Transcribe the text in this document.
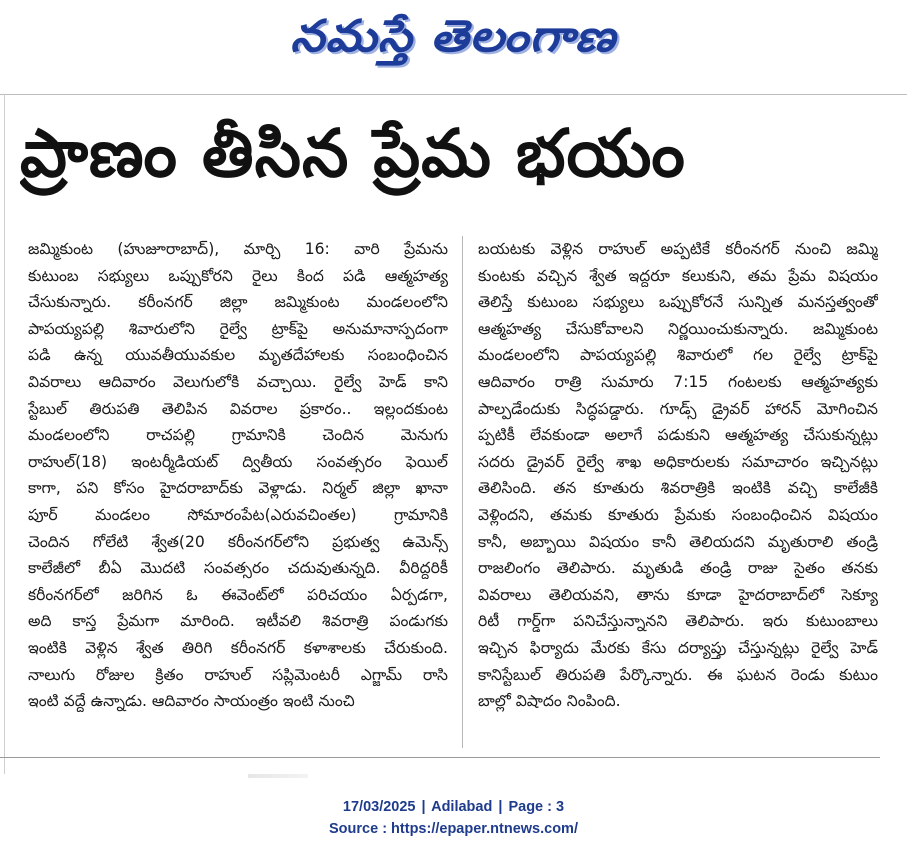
నమస్తే తెలంగాణ
ప్రాణం తీసిన ప్రేమ భయం
జమ్మికుంట (హుజూరాబాద్), మార్చి 16: వారి ప్రేమను
కుటుంబ సభ్యులు ఒప్పుకోరని రైలు కింద పడి ఆత్మహత్య
చేసుకున్నారు. కరీంనగర్ జిల్లా జమ్మికుంట మండలంలోని
పాపయ్యపల్లి శివారులోని రైల్వే ట్రాక్‌పై అనుమానాస్పదంగా
పడి ఉన్న యువతీయువకుల మృతదేహాలకు సంబంధించిన
వివరాలు ఆదివారం వెలుగులోకి వచ్చాయి. రైల్వే హెడ్ కాని
స్టేబుల్ తిరుపతి తెలిపిన వివరాల ప్రకారం.. ఇల్లందకుంట
మండలంలోని రాచపల్లి గ్రామానికి చెందిన మెనుగు
రాహుల్(18) ఇంటర్మీడియట్ ద్వితీయ సంవత్సరం ఫెయిల్
కాగా, పని కోసం హైదరాబాద్‌కు వెళ్లాడు. నిర్మల్ జిల్లా ఖానా
పూర్ మండలం సోమారంపేట(ఎరువచింతల) గ్రామానికి
చెందిన గోలేటి శ్వేత(20 కరీంనగర్‌లోని ప్రభుత్వ ఉమెన్స్
కాలేజీలో బీఏ మొదటి సంవత్సరం చదువుతున్నది. వీరిద్దరికీ
కరీంనగర్‌లో జరిగిన ఓ ఈవెంట్‌లో పరిచయం ఏర్పడగా,
అది కాస్త ప్రేమగా మారింది. ఇటీవలి శివరాత్రి పండుగకు
ఇంటికి వెళ్లిన శ్వేత తిరిగి కరీంనగర్ కళాశాలకు చేరుకుంది.
నాలుగు రోజుల క్రితం రాహుల్ సప్లిమెంటరీ ఎగ్జామ్ రాసి
ఇంటి వద్దే ఉన్నాడు. ఆదివారం సాయంత్రం ఇంటి నుంచి
బయటకు వెళ్లిన రాహుల్ అప్పటికే కరీంనగర్ నుంచి జమ్మి
కుంటకు వచ్చిన శ్వేత ఇద్దరూ కలుకుని, తమ ప్రేమ విషయం
తెలిస్తే కుటుంబ సభ్యులు ఒప్పుకోరనే సున్నిత మనస్తత్వంతో
ఆత్మహత్య చేసుకోవాలని నిర్ణయించుకున్నారు. జమ్మికుంట
మండలంలోని పాపయ్యపల్లి శివారులో గల రైల్వే ట్రాక్‌పై
ఆదివారం రాత్రి సుమారు 7:15 గంటలకు ఆత్మహత్యకు
పాల్పడేందుకు సిద్ధపడ్డారు. గూడ్స్ డ్రైవర్ హారన్ మోగించిన
ప్పటికీ లేవకుండా అలాగే పడుకుని ఆత్మహత్య చేసుకున్నట్లు
సదరు డ్రైవర్ రైల్వే శాఖ అధికారులకు సమాచారం ఇచ్చినట్లు
తెలిసింది. తన కూతురు శివరాత్రికి ఇంటికి వచ్చి కాలేజీకి
వెళ్లిందని, తమకు కూతురు ప్రేమకు సంబంధించిన విషయం
కానీ, అబ్బాయి విషయం కానీ తెలియదని మృతురాలి తండ్రి
రాజలింగం తెలిపారు. మృతుడి తండ్రి రాజు సైతం తనకు
వివరాలు తెలియవని, తాను కూడా హైదరాబాద్‌లో సెక్యూ
రిటీ గార్డ్‌గా పనిచేస్తున్నానని తెలిపారు. ఇరు కుటుంబాలు
ఇచ్చిన ఫిర్యాదు మేరకు కేసు దర్యాప్తు చేస్తున్నట్లు రైల్వే హెడ్
కానిస్టేబుల్ తిరుపతి పేర్కొన్నారు. ఈ ఘటన రెండు కుటుం
బాల్లో విషాదం నింపింది.
17/03/2025 | Adilabad | Page : 3
Source : https://epaper.ntnews.com/
